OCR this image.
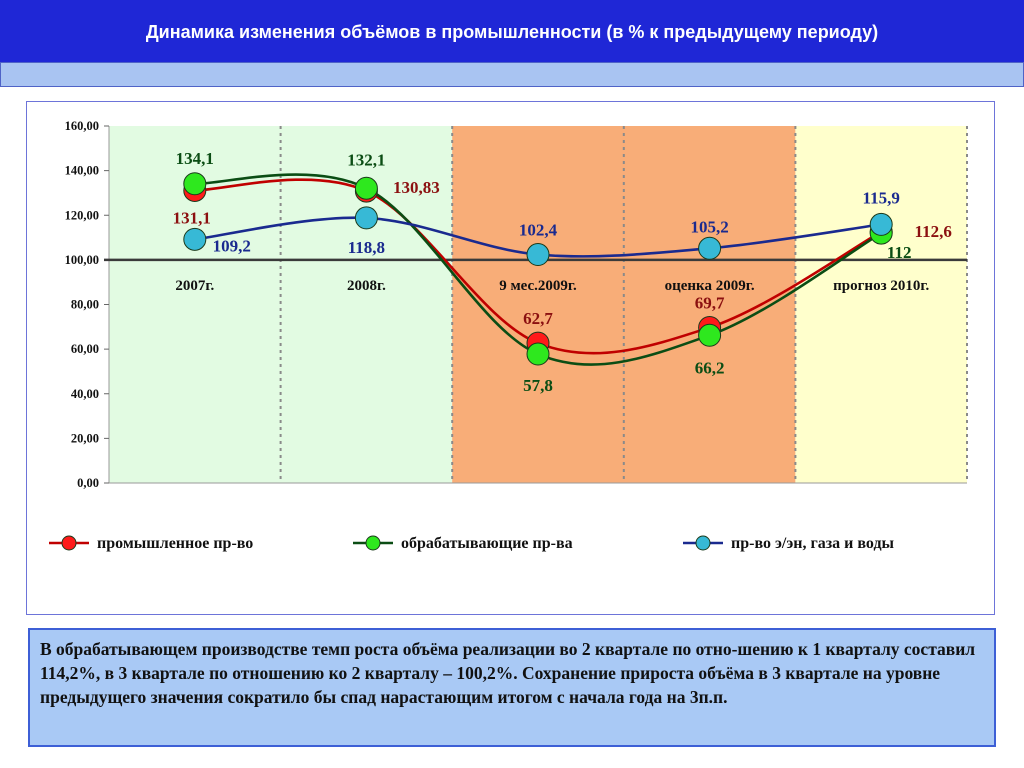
Динамика изменения объёмов в промышленности (в % к предыдущему периоду)
0,00
20,00
40,00
60,00
80,00
100,00
120,00
140,00
160,00
2007г.	2008г.	9 мес.2009г.	оценка 2009г.	прогноз 2010г.
131,1
130,83
62,7
69,7
112,6
134,1	132,1
57,8
66,2
112
109,2	118,8
102,4	105,2
115,9
промышленное пр-во	обрабатывающие пр-ва	пр-во э/эн, газа и воды

В обрабатывающем производстве темп роста объёма реализации во 2 квартале по отно-шению к 1 кварталу составил 114,2%, в 3 квартале по отношению ко 2 кварталу – 100,2%. Сохранение прироста объёма в 3 квартале на уровне предыдущего значения сократило бы спад нарастающим итогом с начала года на 3п.п.
